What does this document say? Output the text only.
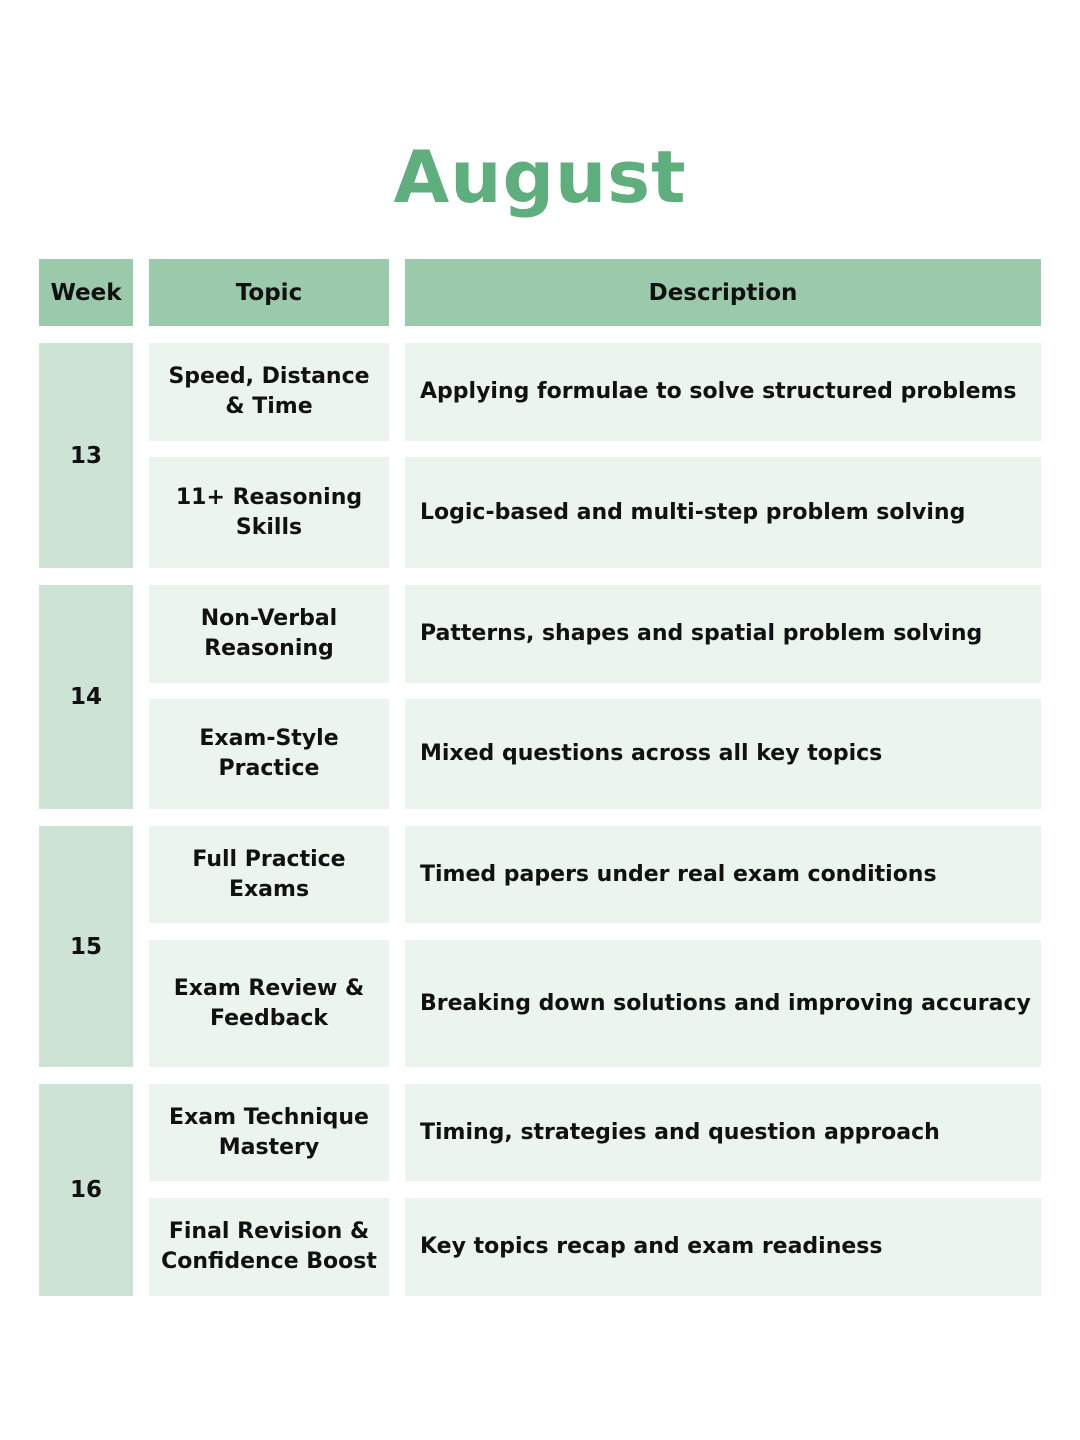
August
Week	Topic	Description
13
Speed, Distance & Time
Applying formulae to solve structured problems
11+ Reasoning Skills
Logic-based and multi-step problem solving
14
Non-Verbal Reasoning
Patterns, shapes and spatial problem solving
Exam-Style Practice
Mixed questions across all key topics
15
Full Practice Exams
Timed papers under real exam conditions
Exam Review & Feedback
Breaking down solutions and improving accuracy
16
Exam Technique Mastery
Timing, strategies and question approach
Final Revision & Confidence Boost
Key topics recap and exam readiness
